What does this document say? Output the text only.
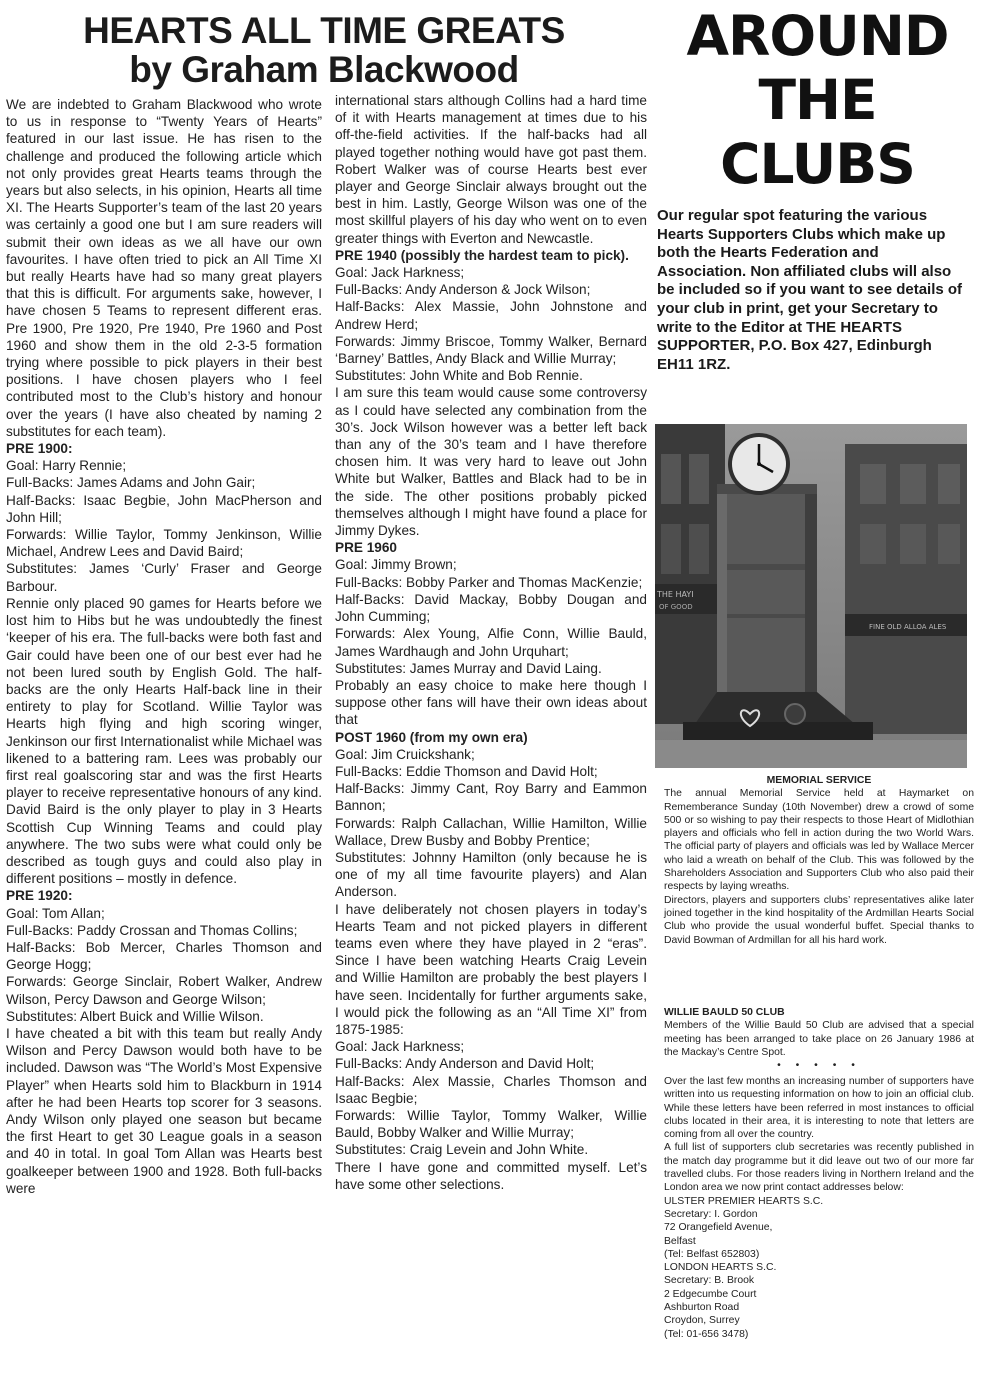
HEARTS ALL TIME GREATS
by Graham Blackwood

We are indebted to Graham Blackwood who wrote to us in response to “Twenty Years of Hearts” featured in our last issue. He has risen to the challenge and produced the following article which not only provides great Hearts teams through the years but also selects, in his opinion, Hearts all time XI. The Hearts Supporter’s team of the last 20 years was certainly a good one but I am sure readers will submit their own ideas as we all have our own favourites. I have often tried to pick an All Time XI but really Hearts have had so many great players that this is difficult. For arguments sake, however, I have chosen 5 Teams to represent different eras. Pre 1900, Pre 1920, Pre 1940, Pre 1960 and Post 1960 and show them in the old 2-3-5 formation trying where possible to pick players in their best positions. I have chosen players who I feel contributed most to the Club’s history and honour over the years (I have also cheated by naming 2 substitutes for each team).

PRE 1900:

Goal: Harry Rennie;

Full-Backs: James Adams and John Gair;

Half-Backs: Isaac Begbie, John MacPherson and John Hill;

Forwards: Willie Taylor, Tommy Jenkinson, Willie Michael, Andrew Lees and David Baird;

Substitutes: James ‘Curly’ Fraser and George Barbour.

Rennie only placed 90 games for Hearts before we lost him to Hibs but he was undoubtedly the finest ‘keeper of his era. The full-backs were both fast and Gair could have been one of our best ever had he not been lured south by English Gold. The half-backs are the only Hearts Half-back line in their entirety to play for Scotland. Willie Taylor was Hearts high flying and high scoring winger, Jenkinson our first Internationalist while Michael was likened to a battering ram. Lees was probably our first real goalscoring star and was the first Hearts player to receive representative honours of any kind. David Baird is the only player to play in 3 Hearts Scottish Cup Winning Teams and could play anywhere. The two subs were what could only be described as tough guys and could also play in different positions – mostly in defence.

PRE 1920:

Goal: Tom Allan;

Full-Backs: Paddy Crossan and Thomas Collins;

Half-Backs: Bob Mercer, Charles Thomson and George Hogg;

Forwards: George Sinclair, Robert Walker, Andrew Wilson, Percy Dawson and George Wilson;

Substitutes: Albert Buick and Willie Wilson.

I have cheated a bit with this team but really Andy Wilson and Percy Dawson would both have to be included. Dawson was “The World’s Most Expensive Player” when Hearts sold him to Blackburn in 1914 after he had been Hearts top scorer for 3 seasons. Andy Wilson only played one season but became the first Heart to get 30 League goals in a season and 40 in total. In goal Tom Allan was Hearts best goalkeeper between 1900 and 1928. Both full-backs were

international stars although Collins had a hard time of it with Hearts management at times due to his off-the-field activities. If the half-backs had all played together nothing would have got past them. Robert Walker was of course Hearts best ever player and George Sinclair always brought out the best in him. Lastly, George Wilson was one of the most skillful players of his day who went on to even greater things with Everton and Newcastle.

PRE 1940 (possibly the hardest team to pick).

Goal: Jack Harkness;

Full-Backs: Andy Anderson & Jock Wilson;

Half-Backs: Alex Massie, John Johnstone and Andrew Herd;

Forwards: Jimmy Briscoe, Tommy Walker, Bernard ‘Barney’ Battles, Andy Black and Willie Murray;

Substitutes: John White and Bob Rennie.

I am sure this team would cause some controversy as I could have selected any combination from the 30’s. Jock Wilson however was a better left back than any of the 30’s team and I have therefore chosen him. It was very hard to leave out John White but Walker, Battles and Black had to be in the side. The other positions probably picked themselves although I might have found a place for Jimmy Dykes.

PRE 1960

Goal: Jimmy Brown;

Full-Backs: Bobby Parker and Thomas MacKenzie;

Half-Backs: David Mackay, Bobby Dougan and John Cumming;

Forwards: Alex Young, Alfie Conn, Willie Bauld, James Wardhaugh and John Urquhart;

Substitutes: James Murray and David Laing.

Probably an easy choice to make here though I suppose other fans will have their own ideas about that

POST 1960 (from my own era)

Goal: Jim Cruickshank;

Full-Backs: Eddie Thomson and David Holt;

Half-Backs: Jimmy Cant, Roy Barry and Eammon Bannon;

Forwards: Ralph Callachan, Willie Hamilton, Willie Wallace, Drew Busby and Bobby Prentice;

Substitutes: Johnny Hamilton (only because he is one of my all time favourite players) and Alan Anderson.

I have deliberately not chosen players in today’s Hearts Team and not picked players in different teams even where they have played in 2 “eras”. Since I have been watching Hearts Craig Levein and Willie Hamilton are probably the best players I have seen. Incidentally for further arguments sake, I would pick the following as an “All Time XI” from 1875-1985:

Goal: Jack Harkness;

Full-Backs: Andy Anderson and David Holt;

Half-Backs: Alex Massie, Charles Thomson and Isaac Begbie;

Forwards: Willie Taylor, Tommy Walker, Willie Bauld, Bobby Walker and Willie Murray;

Substitutes: Craig Levein and John White.

There I have gone and committed myself. Let’s have some other selections.

AROUND
THE
CLUBS
Our regular spot featuring the various Hearts Supporters Clubs which make up both the Hearts Federation and Association. Non affiliated clubs will also be included so if you want to see details of your club in print, get your Secretary to write to the Editor at THE HEARTS SUPPORTER, P.O. Box 427, Edinburgh EH11 1RZ.
FINE OLD ALLOA ALES
THE HAYI
OF GOOD

MEMORIAL SERVICE

The annual Memorial Service held at Haymarket on Rememberance Sunday (10th November) drew a crowd of some 500 or so wishing to pay their respects to those Heart of Midlothian players and officials who fell in action during the two World Wars. The official party of players and officials was led by Wallace Mercer who laid a wreath on behalf of the Club. This was followed by the Shareholders Association and Supporters Club who also paid their respects by laying wreaths.

Directors, players and supporters clubs’ representatives alike later joined together in the kind hospitality of the Ardmillan Hearts Social Club who provide the usual wonderful buffet. Special thanks to David Bowman of Ardmillan for all his hard work.

WILLIE BAULD 50 CLUB

Members of the Willie Bauld 50 Club are advised that a special meeting has been arranged to take place on 26 January 1986 at the Mackay’s Centre Spot.

• • • • •

Over the last few months an increasing number of supporters have written into us requesting information on how to join an official club. While these letters have been referred in most instances to official clubs located in their area, it is interesting to note that letters are coming from all over the country.

A full list of supporters club secretaries was recently published in the match day programme but it did leave out two of our more far travelled clubs. For those readers living in Northern Ireland and the London area we now print contact addresses below:

ULSTER PREMIER HEARTS S.C.

Secretary: I. Gordon

72 Orangefield Avenue,

Belfast

(Tel: Belfast 652803)

LONDON HEARTS S.C.

Secretary: B. Brook

2 Edgecumbe Court

Ashburton Road

Croydon, Surrey

(Tel: 01-656 3478)
